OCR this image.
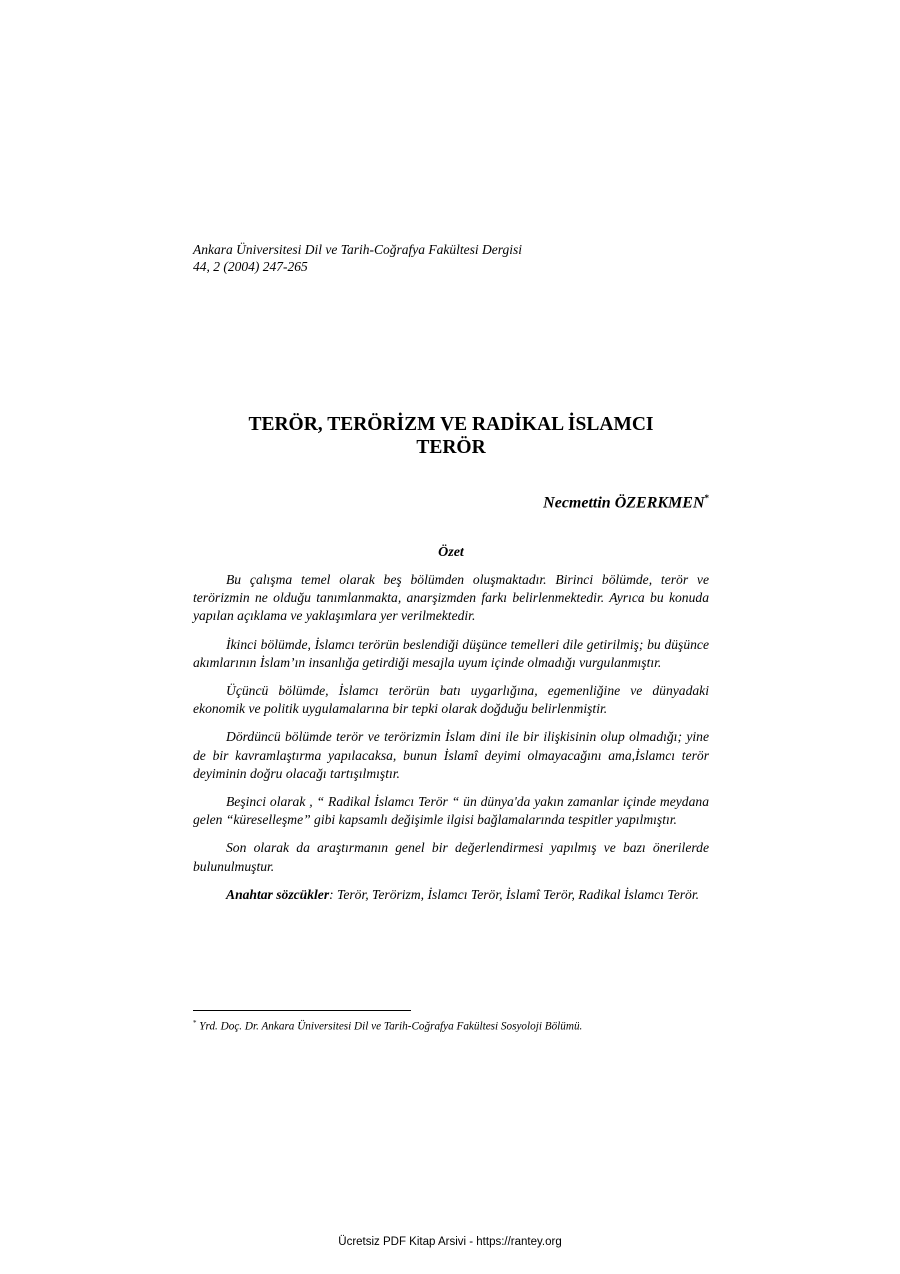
Ankara Üniversitesi Dil ve Tarih-Coğrafya Fakültesi Dergisi
44, 2 (2004) 247-265
TERÖR, TERÖRİZM VE RADİKAL İSLAMCI
TERÖR
Necmettin ÖZERKMEN*
Özet

Bu çalışma temel olarak beş bölümden oluşmaktadır. Birinci bölümde, terör ve terörizmin ne olduğu tanımlanmakta, anarşizmden farkı belirlenmektedir. Ayrıca bu konuda yapılan açıklama ve yaklaşımlara yer verilmektedir.

İkinci bölümde, İslamcı terörün beslendiği düşünce temelleri dile getirilmiş; bu düşünce akımlarının İslam’ın insanlığa getirdiği mesajla uyum içinde olmadığı vurgulanmıştır.

Üçüncü bölümde, İslamcı terörün batı uygarlığına, egemenliğine ve dünyadaki ekonomik ve politik uygulamalarına bir tepki olarak doğduğu belirlenmiştir.

Dördüncü bölümde terör ve terörizmin İslam dini ile bir ilişkisinin olup olmadığı; yine de bir kavramlaştırma yapılacaksa, bunun İslamî deyimi olmayacağını ama,İslamcı terör deyiminin doğru olacağı tartışılmıştır.

Beşinci olarak , “ Radikal İslamcı Terör “ ün dünya'da yakın zamanlar içinde meydana gelen “küreselleşme” gibi kapsamlı değişimle ilgisi bağlamalarında tespitler yapılmıştır.

Son olarak da araştırmanın genel bir değerlendirmesi yapılmış ve bazı önerilerde bulunulmuştur.

Anahtar sözcükler: Terör, Terörizm, İslamcı Terör, İslamî Terör, Radikal İslamcı Terör.

* Yrd. Doç. Dr. Ankara Üniversitesi Dil ve Tarih-Coğrafya Fakültesi Sosyoloji Bölümü.
Ücretsiz PDF Kitap Arsivi - https://rantey.org
